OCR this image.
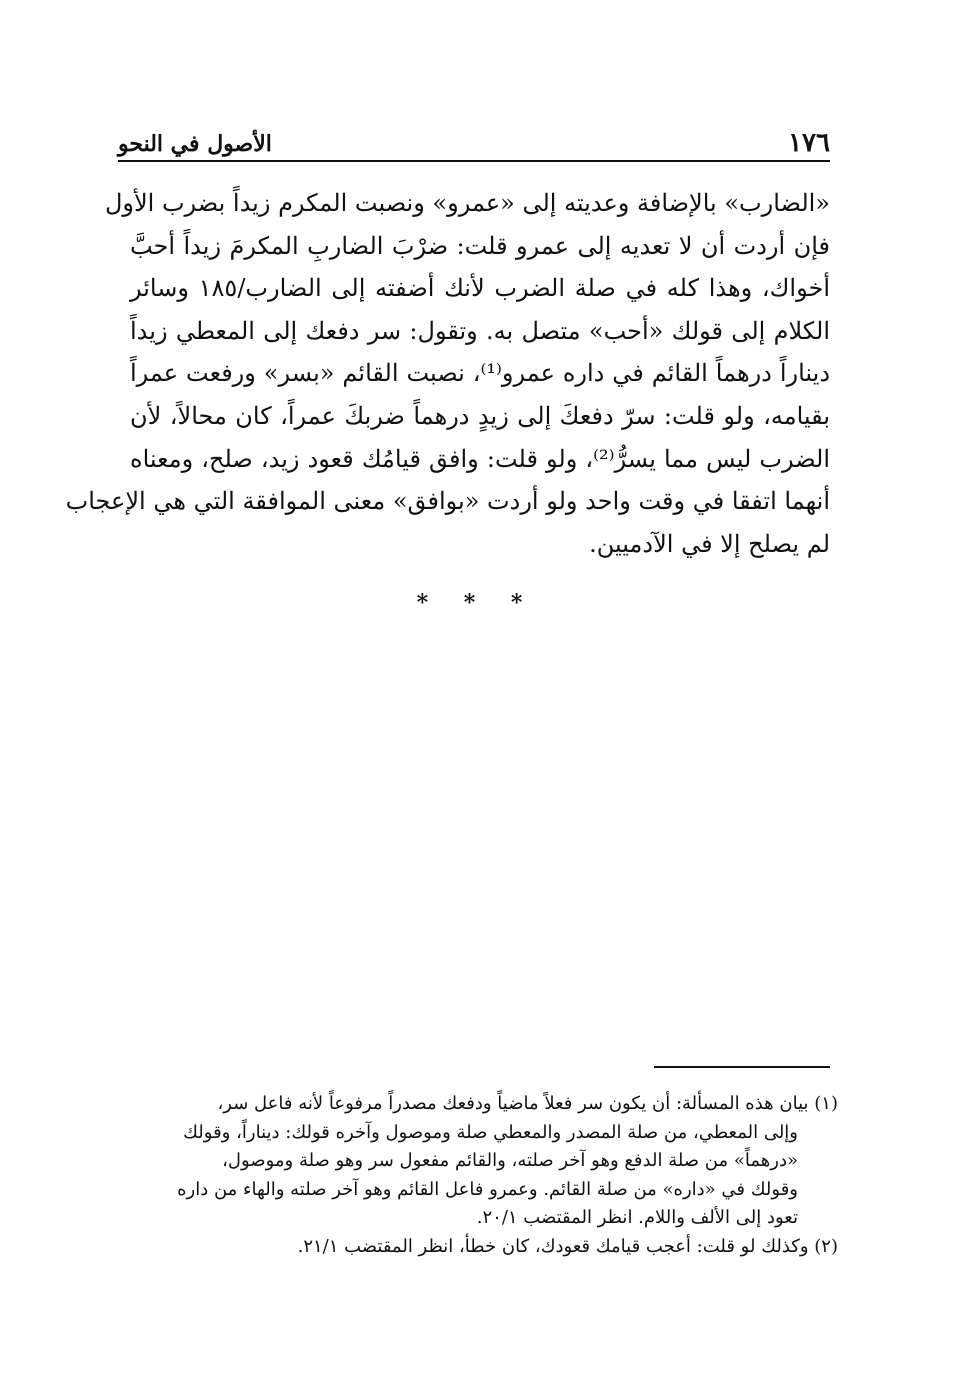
١٧٦
الأصول في النحو
«الضارب» بالإضافة وعديته إلى «عمرو» ونصبت المكرم زيداً بضرب الأول
فإن أردت أن لا تعديه إلى عمرو قلت: ضرْبَ الضاربِ المكرمَ زيداً أحبَّ
أخواك، وهذا كله في صلة الضرب لأنك أضفته إلى الضارب/١٨٥ وسائر
الكلام إلى قولك «أحب» متصل به. وتقول: سر دفعك إلى المعطي زيداً
ديناراً درهماً القائم في داره عمرو⁽¹⁾، نصبت القائم «بسر» ورفعت عمراً
بقيامه، ولو قلت: سرّ دفعكَ إلى زيدٍ درهماً ضربكَ عمراً، كان محالاً، لأن
الضرب ليس مما يسرُّ⁽²⁾، ولو قلت: وافق قيامُك قعود زيد، صلح، ومعناه
أنهما اتفقا في وقت واحد ولو أردت «بوافق» معنى الموافقة التي هي الإعجاب
لم يصلح إلا في الآدميين.
* * *
(١) بيان هذه المسألة: أن يكون سر فعلاً ماضياً ودفعك مصدراً مرفوعاً لأنه فاعل سر،
وإلى المعطي، من صلة المصدر والمعطي صلة وموصول وآخره قولك: ديناراً، وقولك
«درهماً» من صلة الدفع وهو آخر صلته، والقائم مفعول سر وهو صلة وموصول،
وقولك في «داره» من صلة القائم. وعمرو فاعل القائم وهو آخر صلته والهاء من داره
تعود إلى الألف واللام. انظر المقتضب ٢٠/١.
(٢) وكذلك لو قلت: أعجب قيامك قعودك، كان خطأ، انظر المقتضب ٢١/١.
